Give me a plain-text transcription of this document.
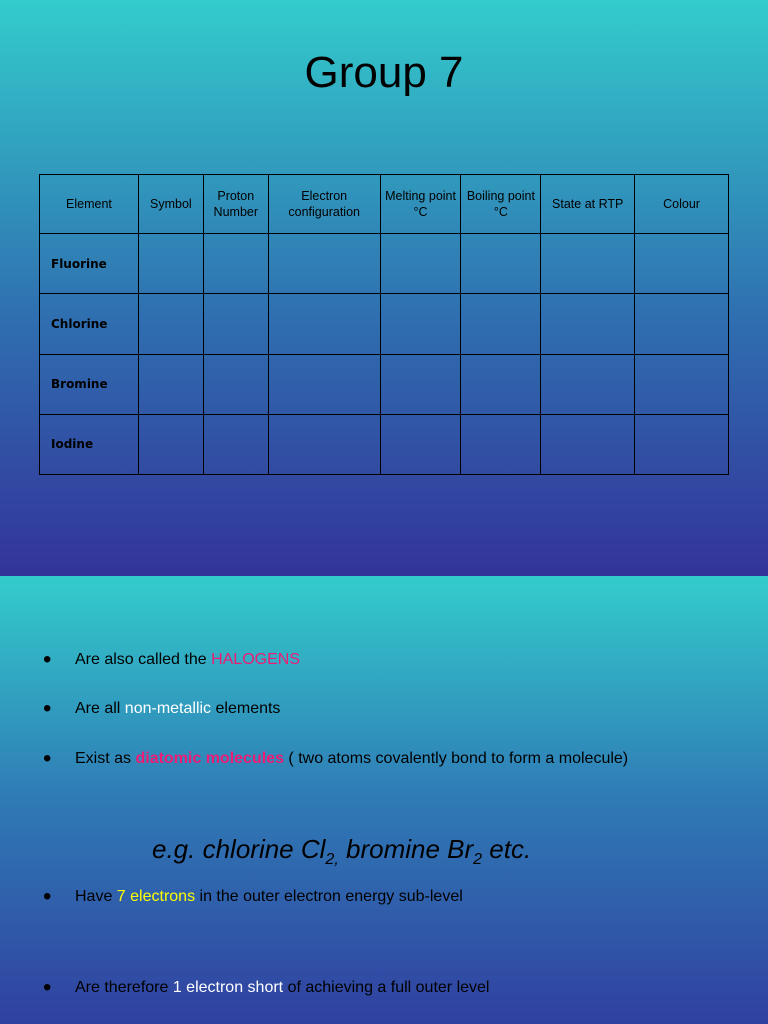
Group 7
Element	Symbol	Proton Number	Electron configuration	Melting point °C	Boiling point °C	State at RTP	Colour
Fluorine							
Chlorine							
Bromine							
Iodine							
• Are also called the HALOGENS
• Are all non-metallic elements
• Exist as diatomic molecules ( two atoms covalently bond to form a molecule)
e.g. chlorine $Cl_{2,}$ bromine $Br_2$ etc.
• Have 7 electrons in the outer electron energy sub-level
• Are therefore 1 electron short of achieving a full outer level
